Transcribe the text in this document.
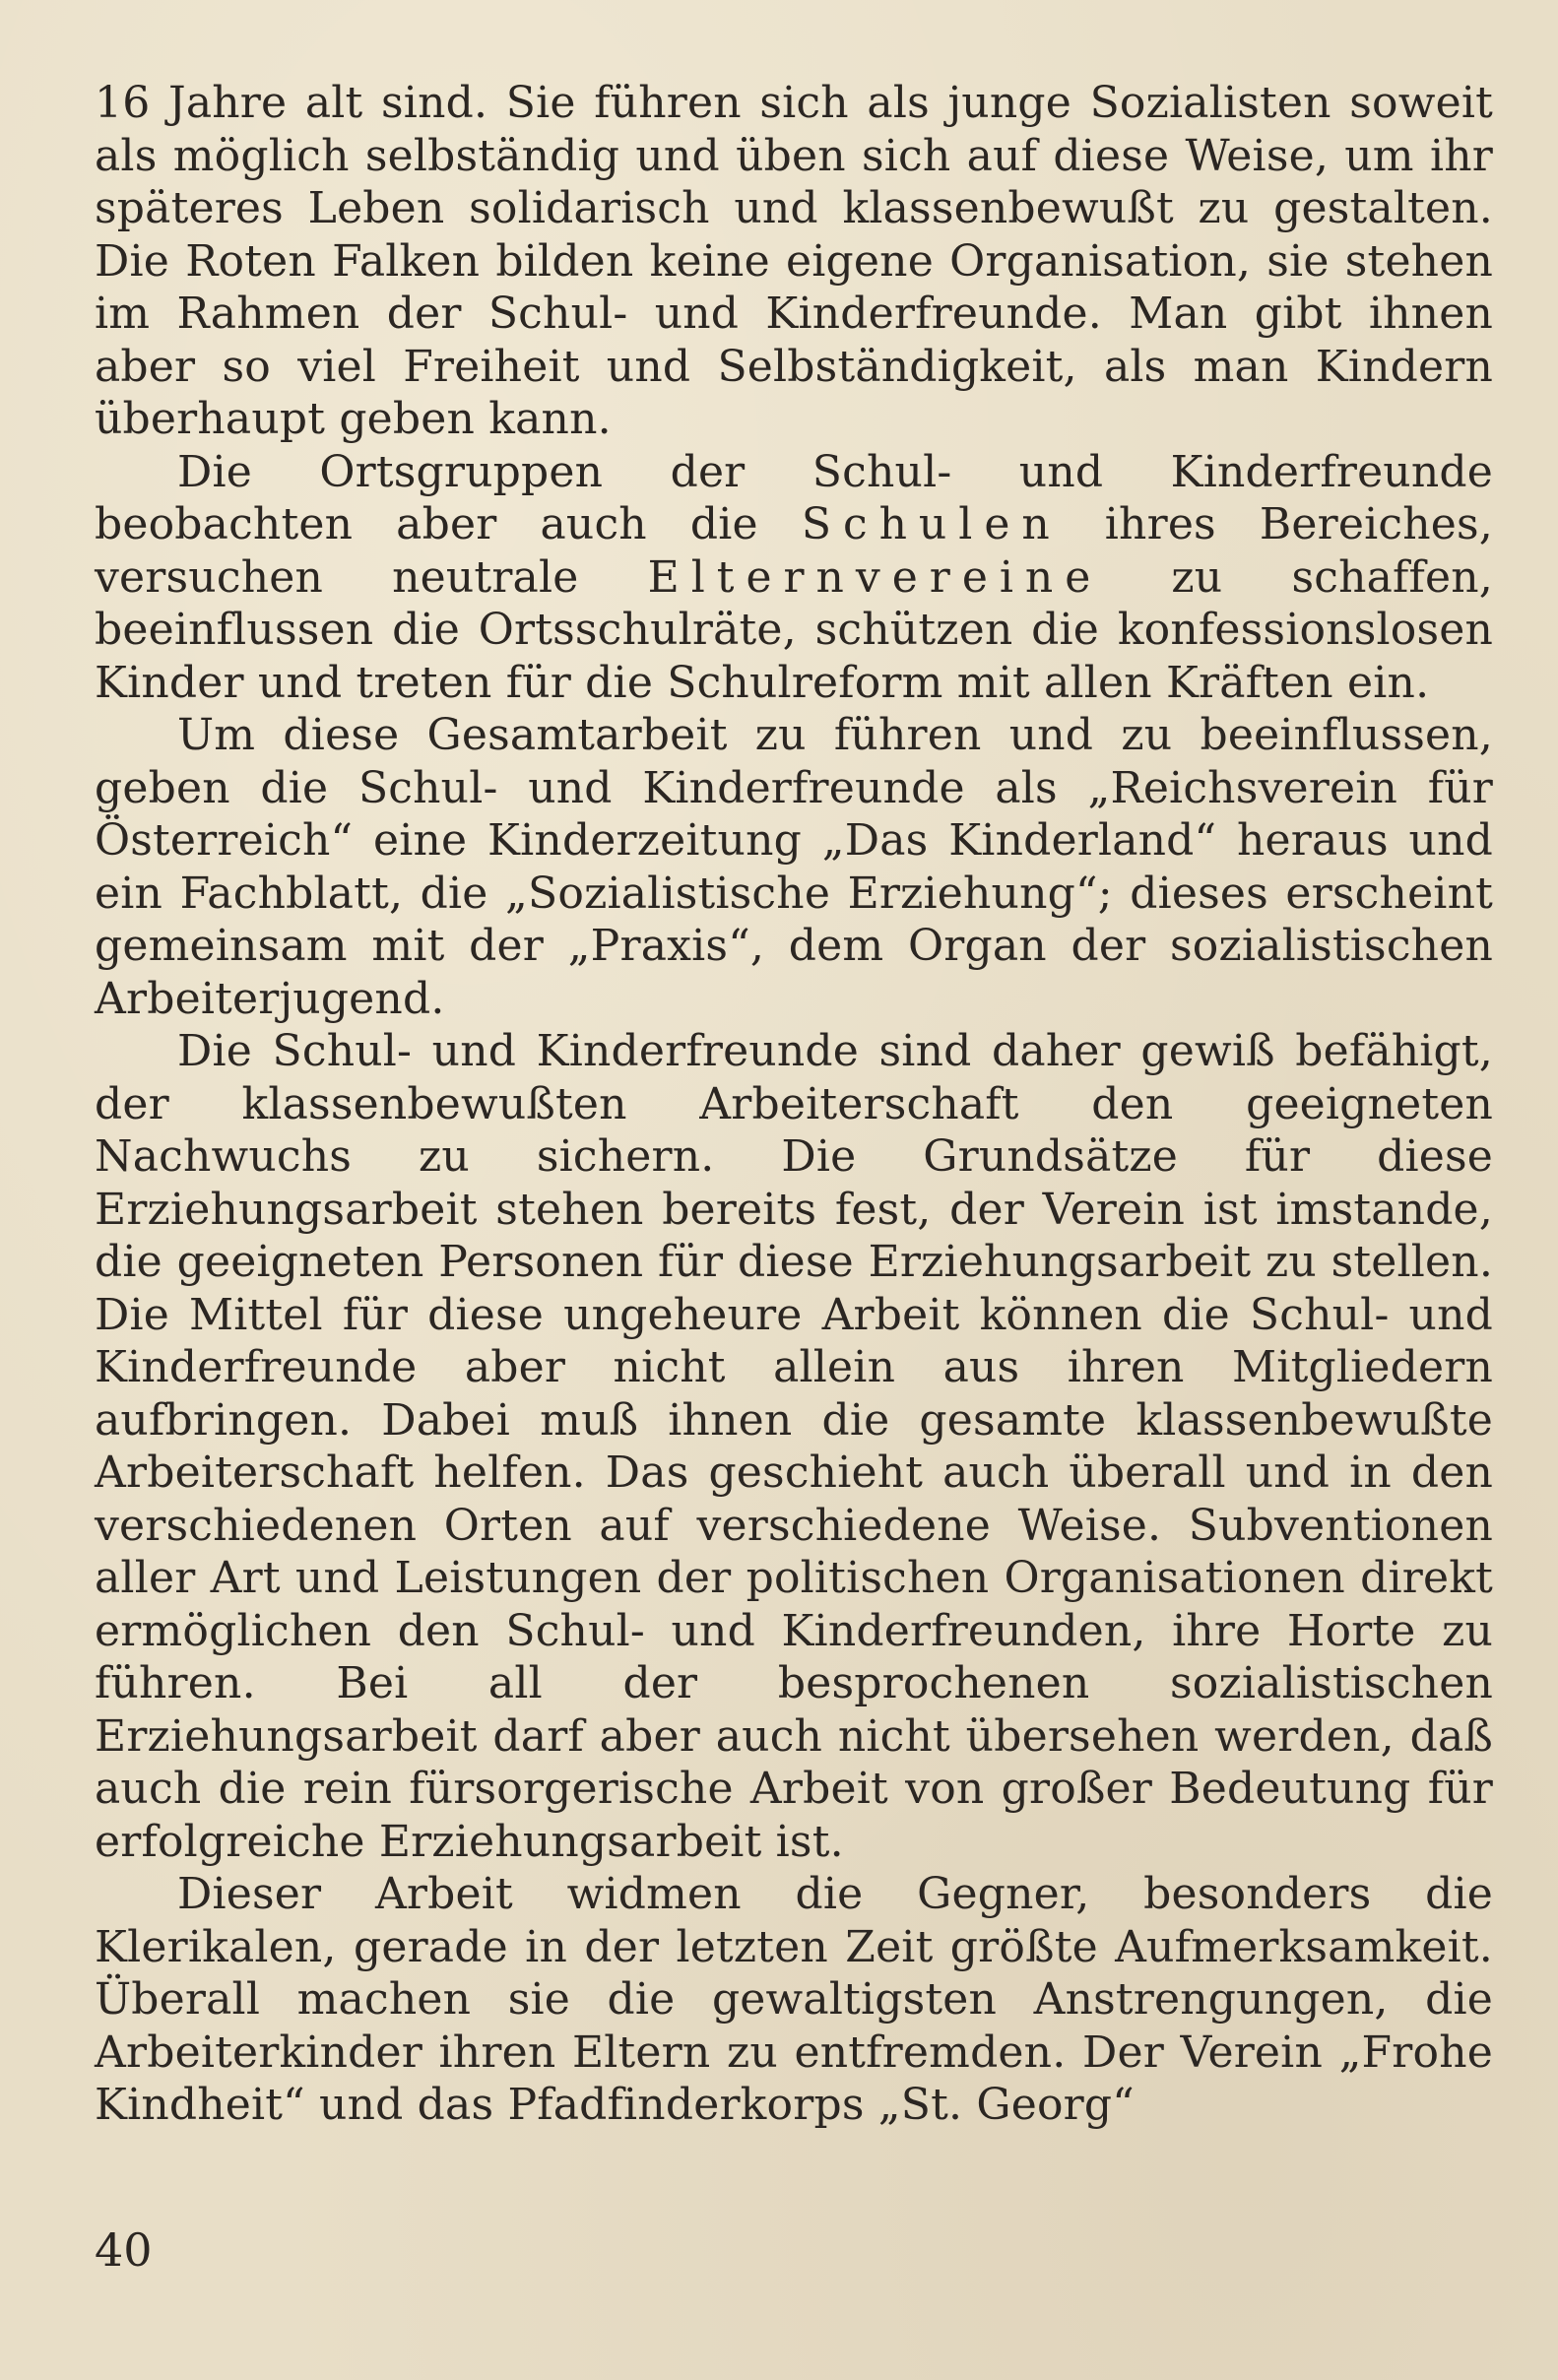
16 Jahre alt sind. Sie führen sich als junge Sozialisten soweit als möglich selbständig und üben sich auf diese Weise, um ihr späteres Leben solidarisch und klassenbewußt zu gestalten. Die Roten Falken bilden keine eigene Organisation, sie stehen im Rahmen der Schul- und Kinderfreunde. Man gibt ihnen aber so viel Freiheit und Selbständigkeit, als man Kindern überhaupt geben kann.

Die Ortsgruppen der Schul- und Kinderfreunde beobachten aber auch die Schulen ihres Bereiches, versuchen neutrale Elternvereine zu schaffen, beeinflussen die Ortsschulräte, schützen die konfessionslosen Kinder und treten für die Schulreform mit allen Kräften ein.

Um diese Gesamtarbeit zu führen und zu beeinflussen, geben die Schul- und Kinderfreunde als „Reichsverein für Österreich“ eine Kinderzeitung „Das Kinderland“ heraus und ein Fachblatt, die „Sozialistische Erziehung“; dieses erscheint gemeinsam mit der „Praxis“, dem Organ der sozialistischen Arbeiterjugend.

Die Schul- und Kinderfreunde sind daher gewiß befähigt, der klassenbewußten Arbeiterschaft den geeigneten Nachwuchs zu sichern. Die Grundsätze für diese Erziehungsarbeit stehen bereits fest, der Verein ist imstande, die geeigneten Personen für diese Erziehungsarbeit zu stellen. Die Mittel für diese ungeheure Arbeit können die Schul- und Kinderfreunde aber nicht allein aus ihren Mitgliedern aufbringen. Dabei muß ihnen die gesamte klassenbewußte Arbeiterschaft helfen. Das geschieht auch überall und in den verschiedenen Orten auf verschiedene Weise. Subventionen aller Art und Leistungen der politischen Organisationen direkt ermöglichen den Schul- und Kinderfreunden, ihre Horte zu führen. Bei all der besprochenen sozialistischen Erziehungsarbeit darf aber auch nicht übersehen werden, daß auch die rein fürsorgerische Arbeit von großer Bedeutung für erfolgreiche Erziehungsarbeit ist.

Dieser Arbeit widmen die Gegner, besonders die Klerikalen, gerade in der letzten Zeit größte Aufmerksamkeit. Überall machen sie die gewaltigsten Anstrengungen, die Arbeiterkinder ihren Eltern zu entfremden. Der Verein „Frohe Kindheit“ und das Pfadfinderkorps „St. Georg“

40
